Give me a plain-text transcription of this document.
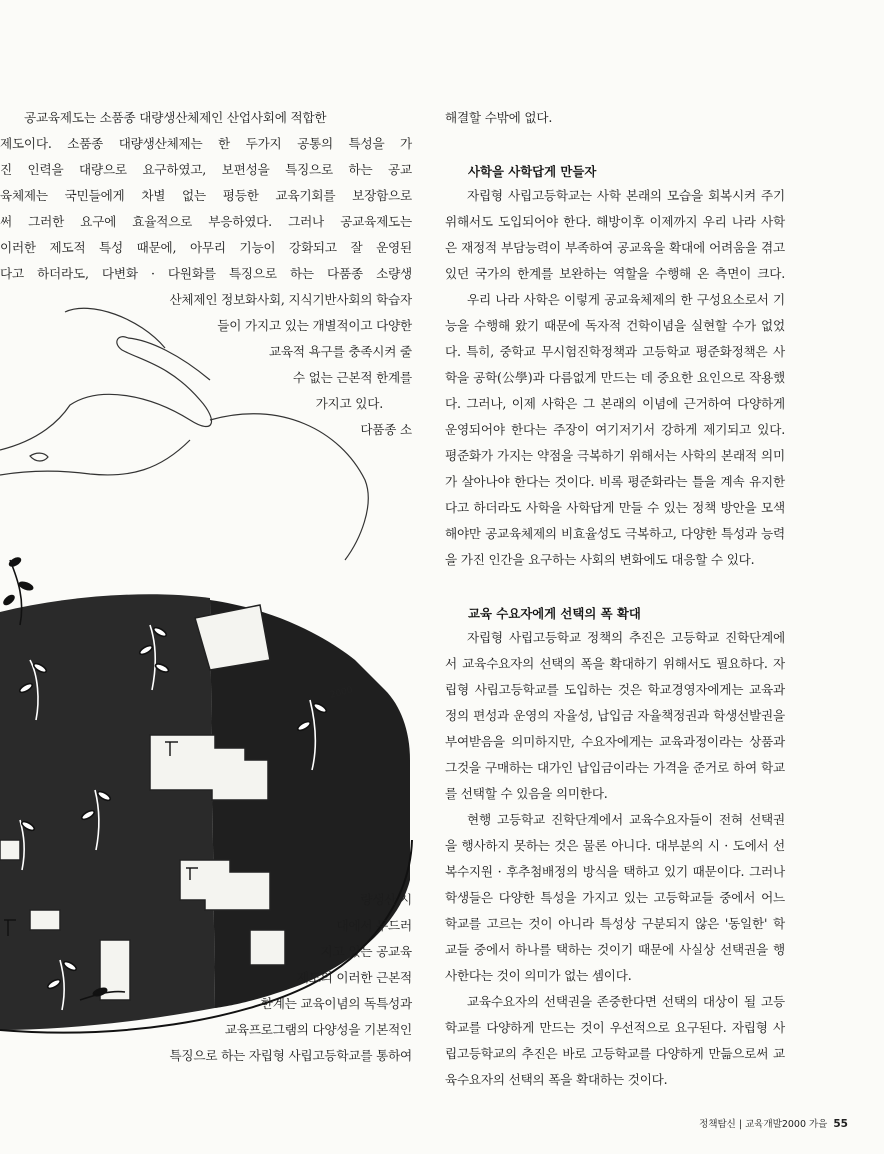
2000
공교육제도는 소품종 대량생산체제인 산업사회에 적합한
제도이다. 소품종 대량생산체제는 한 두가지 공통의 특성을 가
진 인력을 대량으로 요구하였고, 보편성을 특징으로 하는 공교
육체제는 국민들에게 차별 없는 평등한 교육기회를 보장함으로
써 그러한 요구에 효율적으로 부응하였다. 그러나 공교육제도는
이러한 제도적 특성 때문에, 아무리 기능이 강화되고 잘 운영된
다고 하더라도, 다변화 · 다원화를 특징으로 하는 다품종 소량생
산체제인 정보화사회, 지식기반사회의 학습자
들이 가지고 있는 개별적이고 다양한
교육적 욕구를 충족시켜 줄
수 없는 근본적 한계를
가지고 있다.
다품종 소
량생산 시
대에서 두드러
지고 있는 공교육
제도의 이러한 근본적
한계는 교육이념의 독특성과
교육프로그램의 다양성을 기본적인
특징으로 하는 자립형 사립고등학교를 통하여
해결할 수밖에 없다.
사학을 사학답게 만들자
자립형 사립고등학교는 사학 본래의 모습을 회복시켜 주기
위해서도 도입되어야 한다. 해방이후 이제까지 우리 나라 사학
은 재정적 부담능력이 부족하여 공교육을 확대에 어려움을 겪고
있던 국가의 한계를 보완하는 역할을 수행해 온 측면이 크다.
우리 나라 사학은 이렇게 공교육체제의 한 구성요소로서 기
능을 수행해 왔기 때문에 독자적 건학이념을 실현할 수가 없었
다. 특히, 중학교 무시험진학정책과 고등학교 평준화정책은 사
학을 공학(公學)과 다름없게 만드는 데 중요한 요인으로 작용했
다. 그러나, 이제 사학은 그 본래의 이념에 근거하여 다양하게
운영되어야 한다는 주장이 여기저기서 강하게 제기되고 있다.
평준화가 가지는 약점을 극복하기 위해서는 사학의 본래적 의미
가 살아나야 한다는 것이다. 비록 평준화라는 틀을 계속 유지한
다고 하더라도 사학을 사학답게 만들 수 있는 정책 방안을 모색
해야만 공교육체제의 비효율성도 극복하고, 다양한 특성과 능력
을 가진 인간을 요구하는 사회의 변화에도 대응할 수 있다.
교육 수요자에게 선택의 폭 확대
자립형 사립고등학교 정책의 추진은 고등학교 진학단계에
서 교육수요자의 선택의 폭을 확대하기 위해서도 필요하다. 자
립형 사립고등학교를 도입하는 것은 학교경영자에게는 교육과
정의 편성과 운영의 자율성, 납입금 자율책정권과 학생선발권을
부여받음을 의미하지만, 수요자에게는 교육과정이라는 상품과
그것을 구매하는 대가인 납입금이라는 가격을 준거로 하여 학교
를 선택할 수 있음을 의미한다.
현행 고등학교 진학단계에서 교육수요자들이 전혀 선택권
을 행사하지 못하는 것은 물론 아니다. 대부분의 시 · 도에서 선
복수지원 · 후추첨배정의 방식을 택하고 있기 때문이다. 그러나
학생들은 다양한 특성을 가지고 있는 고등학교들 중에서 어느
학교를 고르는 것이 아니라 특성상 구분되지 않은 '동일한' 학
교들 중에서 하나를 택하는 것이기 때문에 사실상 선택권을 행
사한다는 것이 의미가 없는 셈이다.
교육수요자의 선택권을 존중한다면 선택의 대상이 될 고등
학교를 다양하게 만드는 것이 우선적으로 요구된다. 자립형 사
립고등학교의 추진은 바로 고등학교를 다양하게 만듦으로써 교
육수요자의 선택의 폭을 확대하는 것이다.
정책탐신 | 교육개발2000 가을 55
